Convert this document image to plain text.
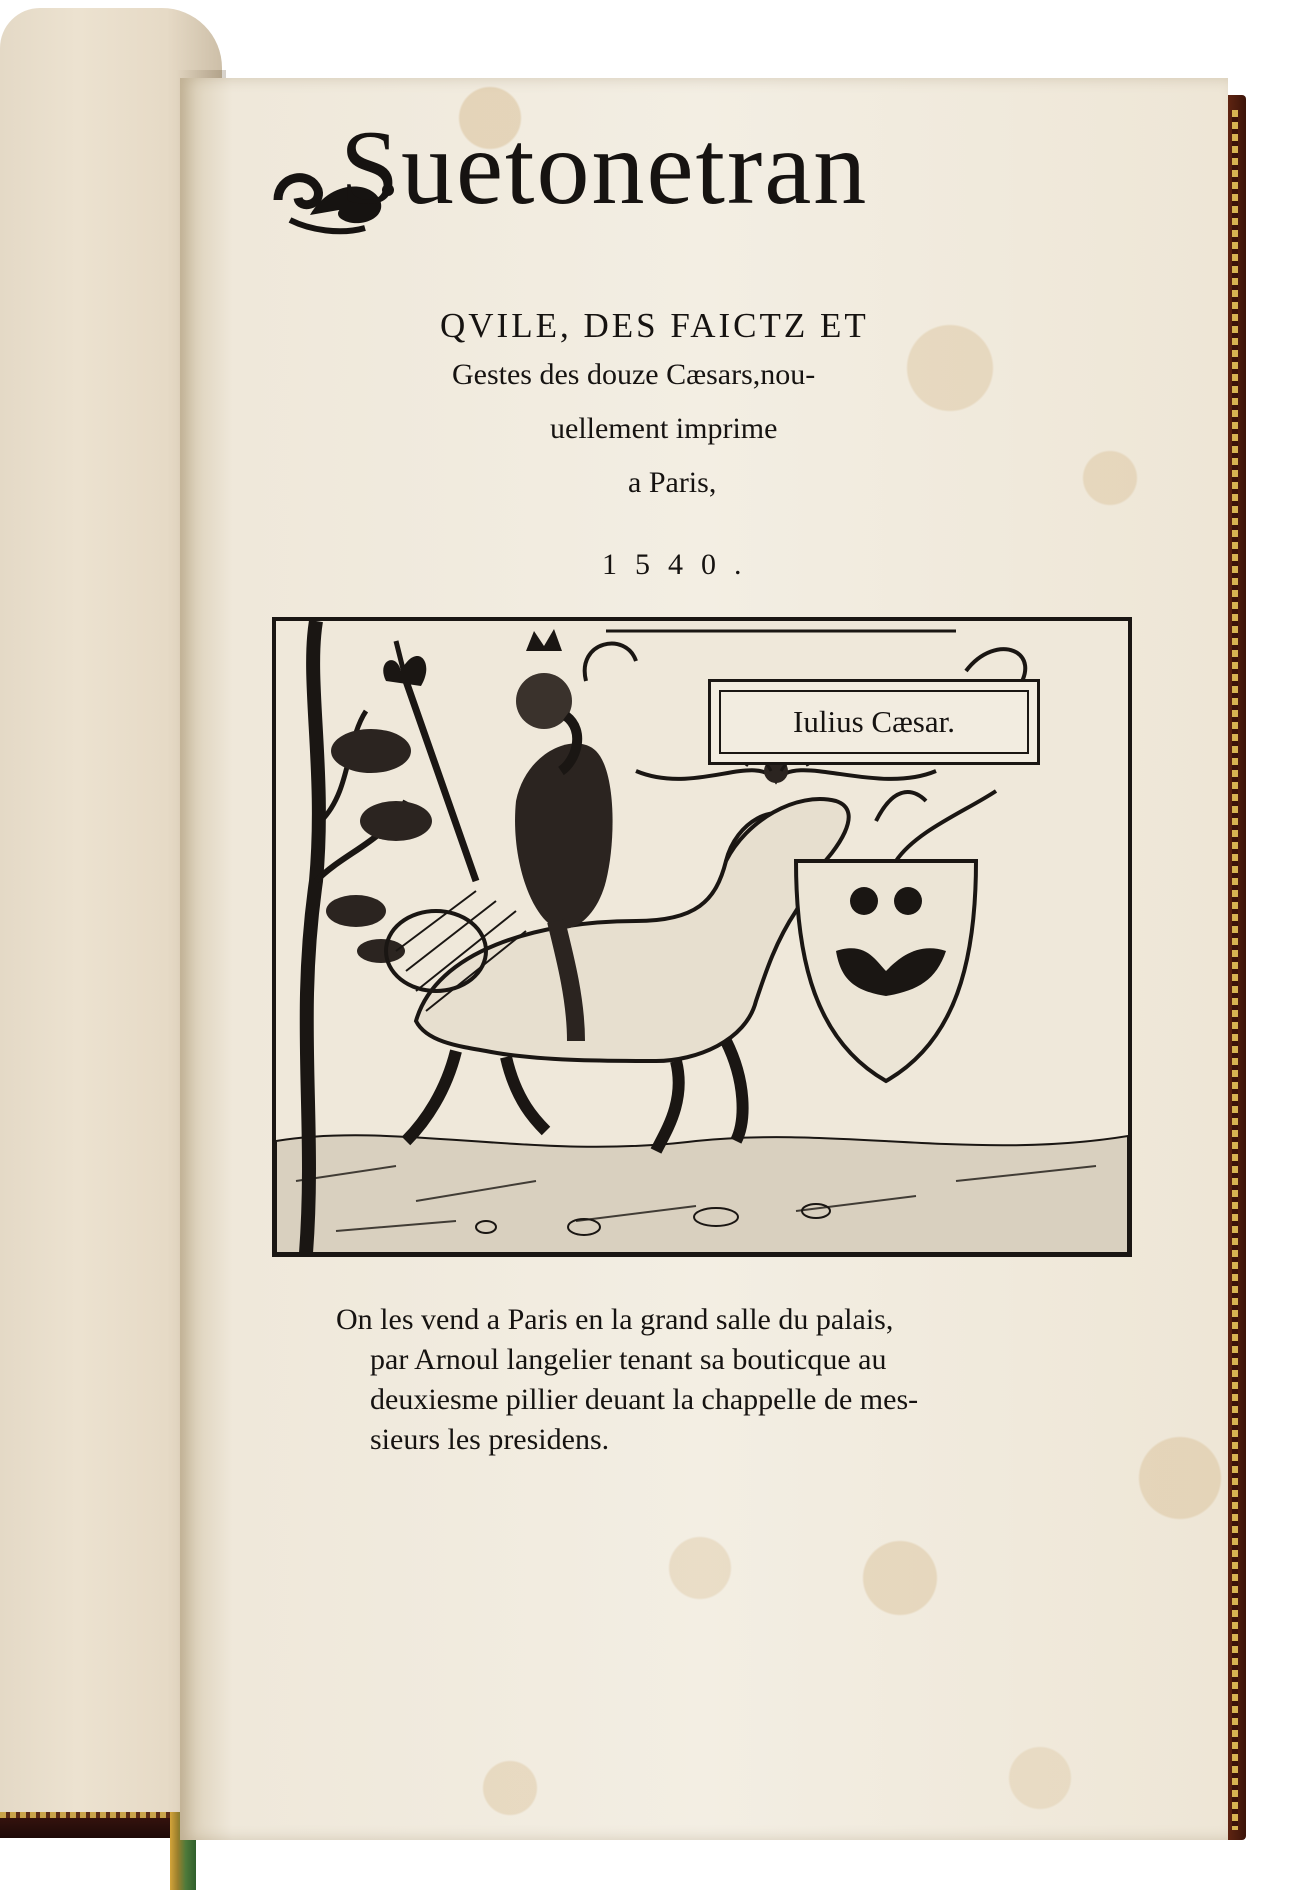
Suetonetran
QVILE, DES FAICTZ ET
Gestes des douze Cæsars,nou-
uellement imprime
a Paris,
1540.
Iulius Cæsar.
On les vend a Paris en la grand salle du palais,
par Arnoul langelier tenant sa bouticque au
deuxiesme pillier deuant la chappelle de mes-
sieurs les presidens.
